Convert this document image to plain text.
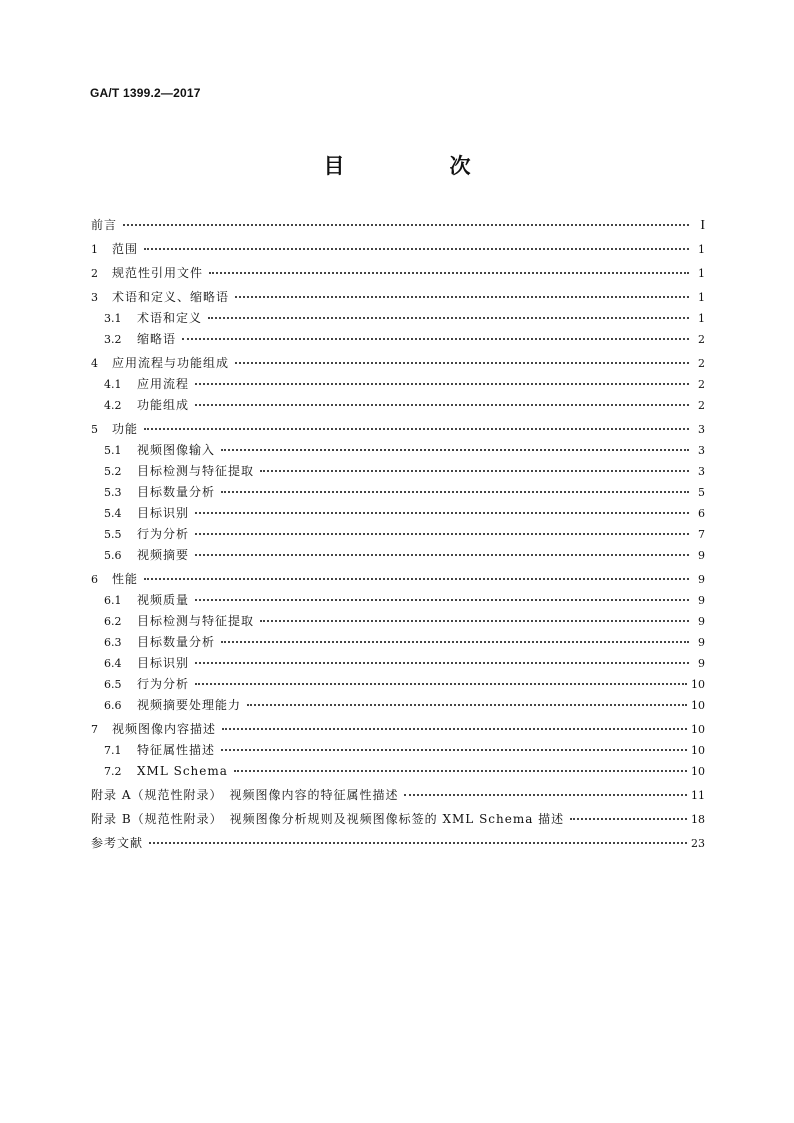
GA/T 1399.2—2017
目　次
前言	I
1	范围	1
2	规范性引用文件	1
3	术语和定义、缩略语	1
3.1	术语和定义	1
3.2	缩略语	2
4	应用流程与功能组成	2
4.1	应用流程	2
4.2	功能组成	2
5	功能	3
5.1	视频图像输入	3
5.2	目标检测与特征提取	3
5.3	目标数量分析	5
5.4	目标识别	6
5.5	行为分析	7
5.6	视频摘要	9
6	性能	9
6.1	视频质量	9
6.2	目标检测与特征提取	9
6.3	目标数量分析	9
6.4	目标识别	9
6.5	行为分析	10
6.6	视频摘要处理能力	10
7	视频图像内容描述	10
7.1	特征属性描述	10
7.2	XML Schema	10
附录 A（规范性附录）　视频图像内容的特征属性描述	11
附录 B（规范性附录）　视频图像分析规则及视频图像标签的 XML Schema 描述	18
参考文献	23
